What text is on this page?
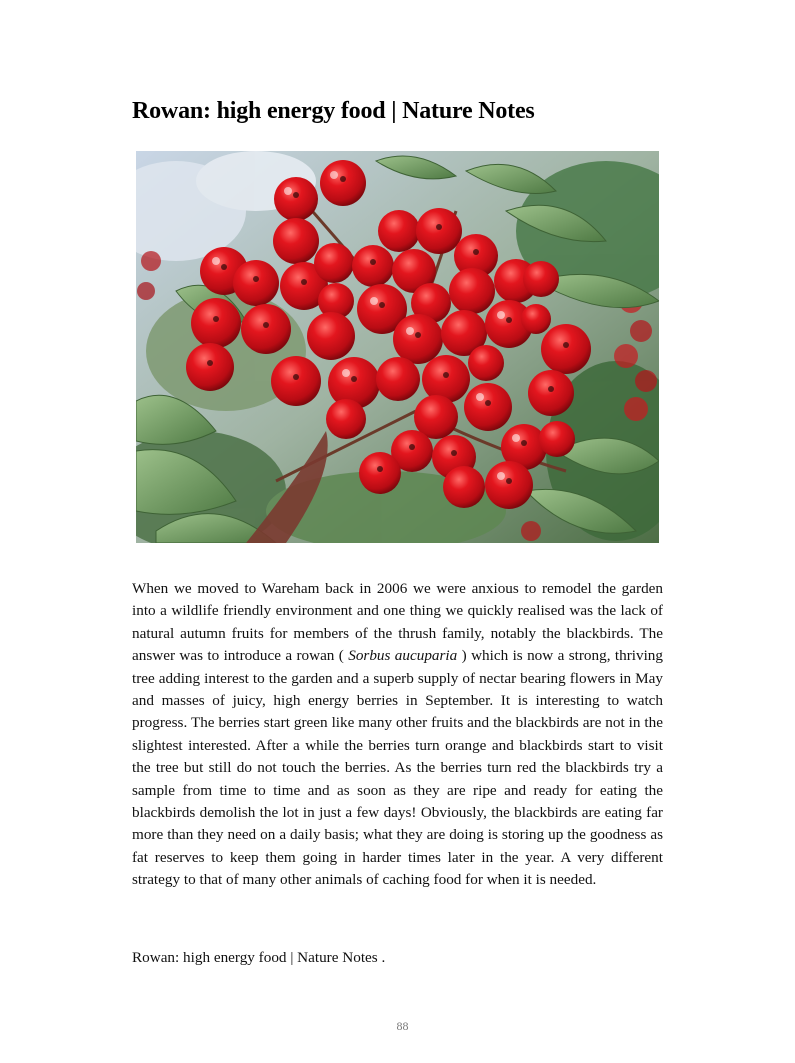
Rowan: high energy food | Nature Notes

When we moved to Wareham back in 2006 we were anxious to remodel the garden into a wildlife friendly environment and one thing we quickly realised was the lack of natural autumn fruits for members of the thrush family, notably the blackbirds. The answer was to introduce a rowan ( Sorbus aucuparia ) which is now a strong, thriving tree adding interest to the garden and a superb supply of nectar bearing flowers in May and masses of juicy, high energy berries in September. It is interesting to watch progress. The berries start green like many other fruits and the blackbirds are not in the slightest interested. After a while the berries turn orange and blackbirds start to visit the tree but still do not touch the berries. As the berries turn red the blackbirds try a sample from time to time and as soon as they are ripe and ready for eating the blackbirds demolish the lot in just a few days! Obviously, the blackbirds are eating far more than they need on a daily basis; what they are doing is storing up the goodness as fat reserves to keep them going in harder times later in the year. A very different strategy to that of many other animals of caching food for when it is needed.

Rowan: high energy food | Nature Notes .

88
